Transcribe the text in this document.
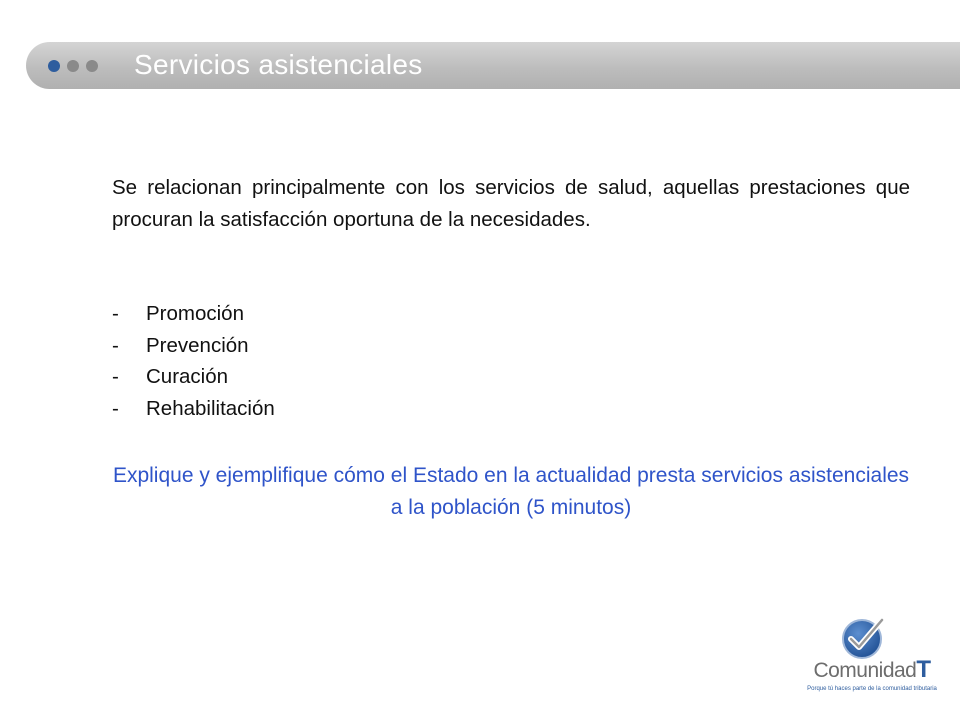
Servicios asistenciales

Se relacionan principalmente con los servicios de salud, aquellas prestaciones que procuran la satisfacción oportuna de la necesidades.

- Promoción
- Prevención
- Curación
- Rehabilitación

Explique y ejemplifique cómo el Estado en la actualidad presta servicios asistenciales a la población (5 minutos)

ComunidadT
Porque tú haces parte de la comunidad tributaria
